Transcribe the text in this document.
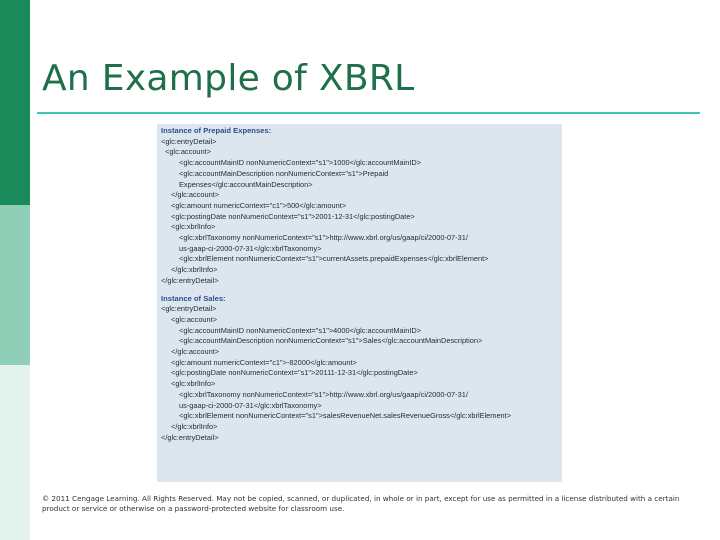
An Example of XBRL
Instance of Prepaid Expenses:
<glc:entryDetail>
<glc:account>
<glc:accountMainID nonNumericContext="s1">1000</glc:accountMainID>
<glc:accountMainDescription nonNumericContext="s1">Prepaid
Expenses</glc:accountMainDescription>
</glc:account>
<glc:amount numericContext="c1">500</glc:amount>
<glc:postingDate nonNumericContext="s1">2001-12-31</glc:postingDate>
<glc:xbrlInfo>
<glc:xbrlTaxonomy nonNumericContext="s1">http://www.xbrl.org/us/gaap/ci/2000-07-31/
us-gaap-ci-2000-07-31</glc:xbrlTaxonomy>
<glc:xbrlElement nonNumericContext="s1">currentAssets.prepaidExpenses</glc:xbrlElement>
</glc:xbrlInfo>
</glc:entryDetail>
Instance of Sales:
<glc:entryDetail>
<glc:account>
<glc:accountMainID nonNumericContext="s1">4000</glc:accountMainID>
<glc:accountMainDescription nonNumericContext="s1">Sales</glc:accountMainDescription>
</glc:account>
<glc:amount numericContext="c1">-82000</glc:amount>
<glc:postingDate nonNumericContext="s1">20111-12-31</glc:postingDate>
<glc:xbrlInfo>
<glc:xbrlTaxonomy nonNumericContext="s1">http://www.xbrl.org/us/gaap/ci/2000-07-31/
us-gaap-ci-2000-07-31</glc:xbrlTaxonomy>
<glc:xbrlElement nonNumericContext="s1">salesRevenueNet.salesRevenueGross</glc:xbrlElement>
</glc:xbrlInfo>
</glc:entryDetail>
© 2011 Cengage Learning. All Rights Reserved. May not be copied, scanned, or duplicated, in whole or in part, except for use as permitted in a license distributed with a certain product or service or otherwise on a password-protected website for classroom use.
